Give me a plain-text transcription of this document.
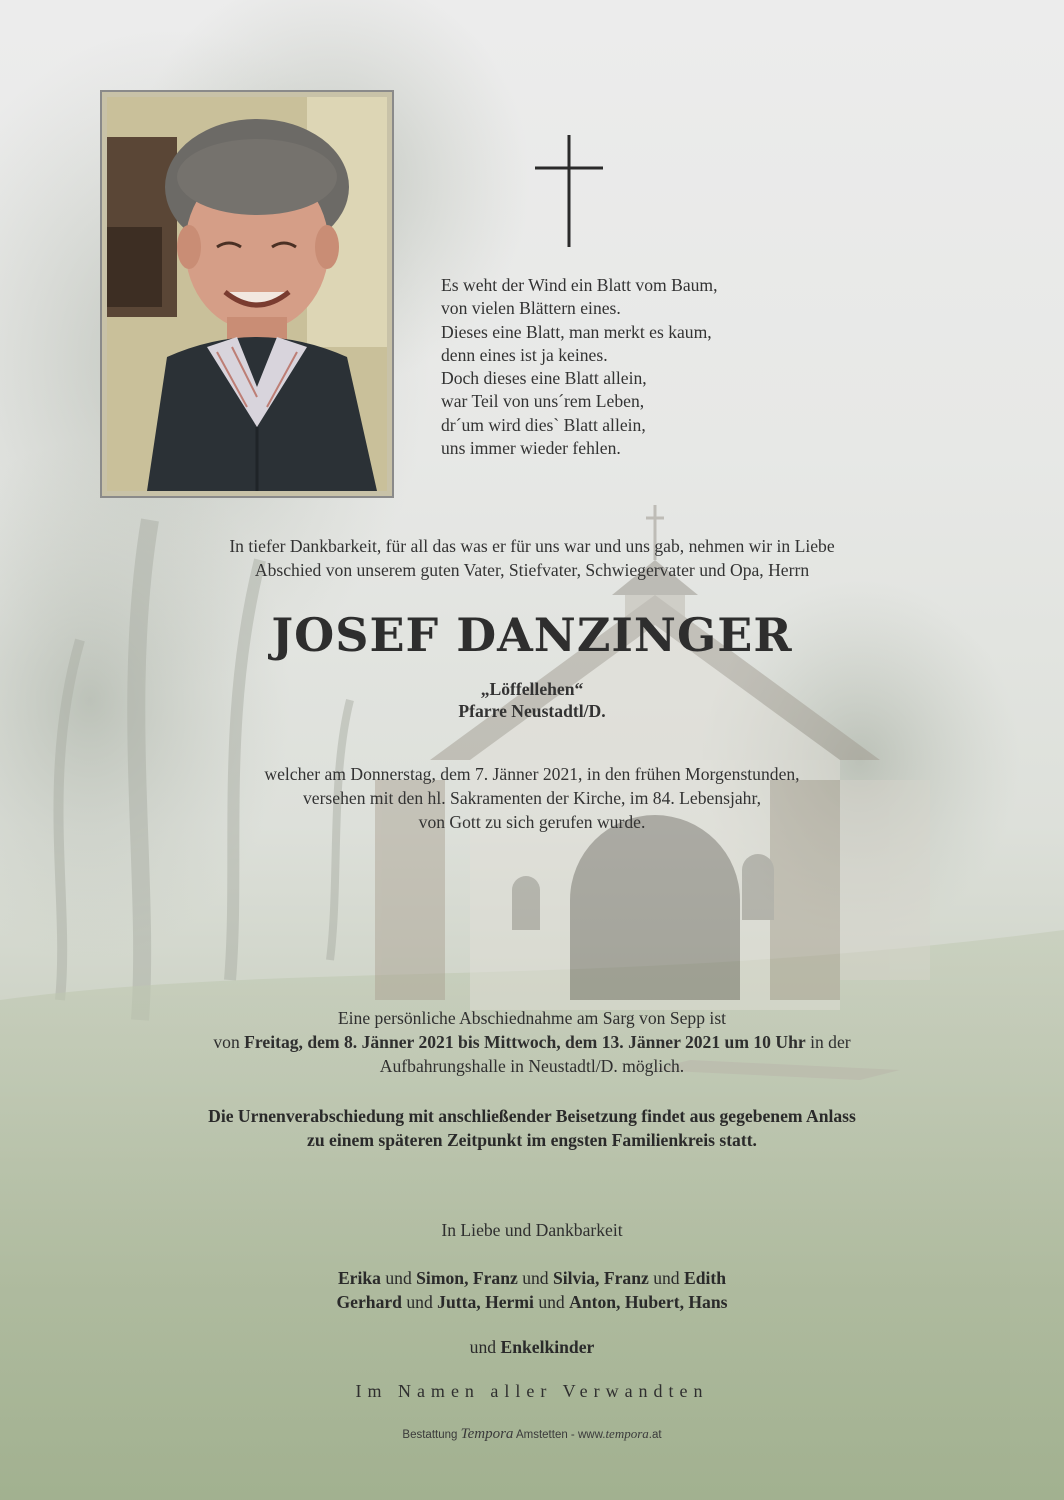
Es weht der Wind ein Blatt vom Baum,
von vielen Blättern eines.
Dieses eine Blatt, man merkt es kaum,
denn eines ist ja keines.
Doch dieses eine Blatt allein,
war Teil von uns´rem Leben,
dr´um wird dies` Blatt allein,
uns immer wieder fehlen.
In tiefer Dankbarkeit, für all das was er für uns war und uns gab, nehmen wir in Liebe
Abschied von unserem guten Vater, Stiefvater, Schwiegervater und Opa, Herrn
JOSEF DANZINGER
„Löffellehen“
Pfarre Neustadtl/D.
welcher am Donnerstag, dem 7. Jänner 2021, in den frühen Morgenstunden,
versehen mit den hl. Sakramenten der Kirche, im 84. Lebensjahr,
von Gott zu sich gerufen wurde.
Eine persönliche Abschiednahme am Sarg von Sepp ist
von Freitag, dem 8. Jänner 2021 bis Mittwoch, dem 13. Jänner 2021 um 10 Uhr in der
Aufbahrungshalle in Neustadtl/D. möglich.
Die Urnenverabschiedung mit anschließender Beisetzung findet aus gegebenem Anlass
zu einem späteren Zeitpunkt im engsten Familienkreis statt.
In Liebe und Dankbarkeit
Erika und Simon, Franz und Silvia, Franz und Edith
Gerhard und Jutta, Hermi und Anton, Hubert, Hans
und Enkelkinder
Im Namen aller Verwandten
Bestattung Tempora Amstetten - www.tempora.at
